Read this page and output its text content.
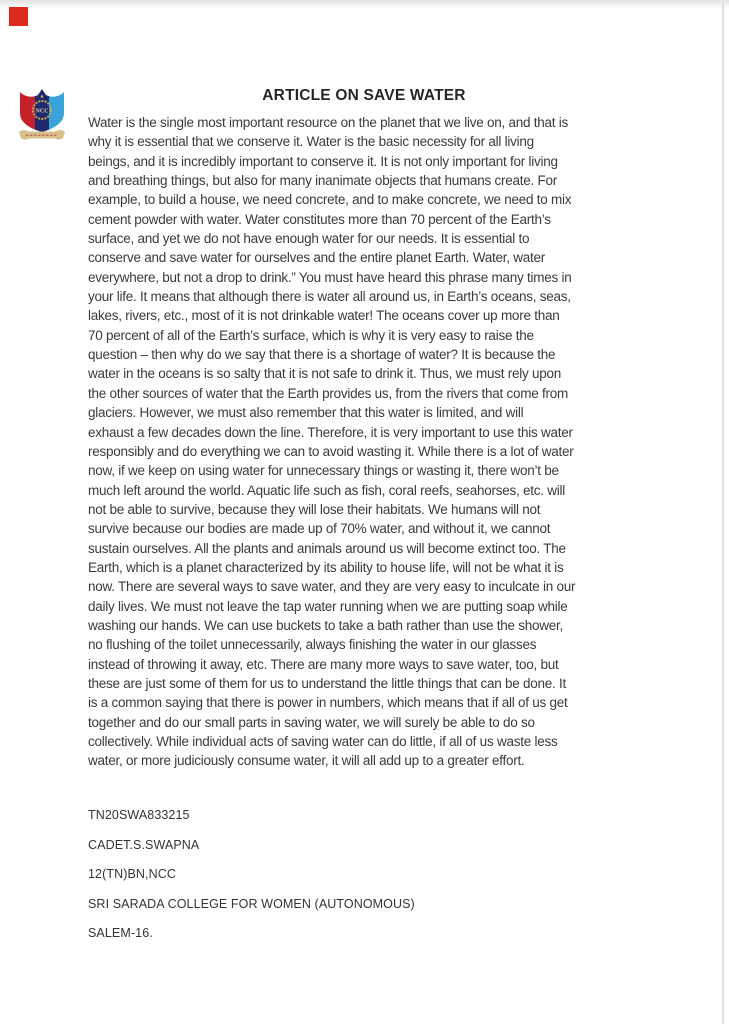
NCC
ARTICLE ON SAVE WATER
Water is the single most important resource on the planet that we live on, and that is
why it is essential that we conserve it. Water is the basic necessity for all living
beings, and it is incredibly important to conserve it. It is not only important for living
and breathing things, but also for many inanimate objects that humans create. For
example, to build a house, we need concrete, and to make concrete, we need to mix
cement powder with water. Water constitutes more than 70 percent of the Earth’s
surface, and yet we do not have enough water for our needs. It is essential to
conserve and save water for ourselves and the entire planet Earth. Water, water
everywhere, but not a drop to drink.” You must have heard this phrase many times in
your life. It means that although there is water all around us, in Earth’s oceans, seas,
lakes, rivers, etc., most of it is not drinkable water! The oceans cover up more than
70 percent of all of the Earth’s surface, which is why it is very easy to raise the
question – then why do we say that there is a shortage of water? It is because the
water in the oceans is so salty that it is not safe to drink it. Thus, we must rely upon
the other sources of water that the Earth provides us, from the rivers that come from
glaciers. However, we must also remember that this water is limited, and will
exhaust a few decades down the line. Therefore, it is very important to use this water
responsibly and do everything we can to avoid wasting it. While there is a lot of water
now, if we keep on using water for unnecessary things or wasting it, there won’t be
much left around the world. Aquatic life such as fish, coral reefs, seahorses, etc. will
not be able to survive, because they will lose their habitats. We humans will not
survive because our bodies are made up of 70% water, and without it, we cannot
sustain ourselves. All the plants and animals around us will become extinct too. The
Earth, which is a planet characterized by its ability to house life, will not be what it is
now. There are several ways to save water, and they are very easy to inculcate in our
daily lives. We must not leave the tap water running when we are putting soap while
washing our hands. We can use buckets to take a bath rather than use the shower,
no flushing of the toilet unnecessarily, always finishing the water in our glasses
instead of throwing it away, etc. There are many more ways to save water, too, but
these are just some of them for us to understand the little things that can be done. It
is a common saying that there is power in numbers, which means that if all of us get
together and do our small parts in saving water, we will surely be able to do so
collectively. While individual acts of saving water can do little, if all of us waste less
water, or more judiciously consume water, it will all add up to a greater effort.
TN20SWA833215
CADET.S.SWAPNA
12(TN)BN,NCC
SRI SARADA COLLEGE FOR WOMEN (AUTONOMOUS)
SALEM-16.
